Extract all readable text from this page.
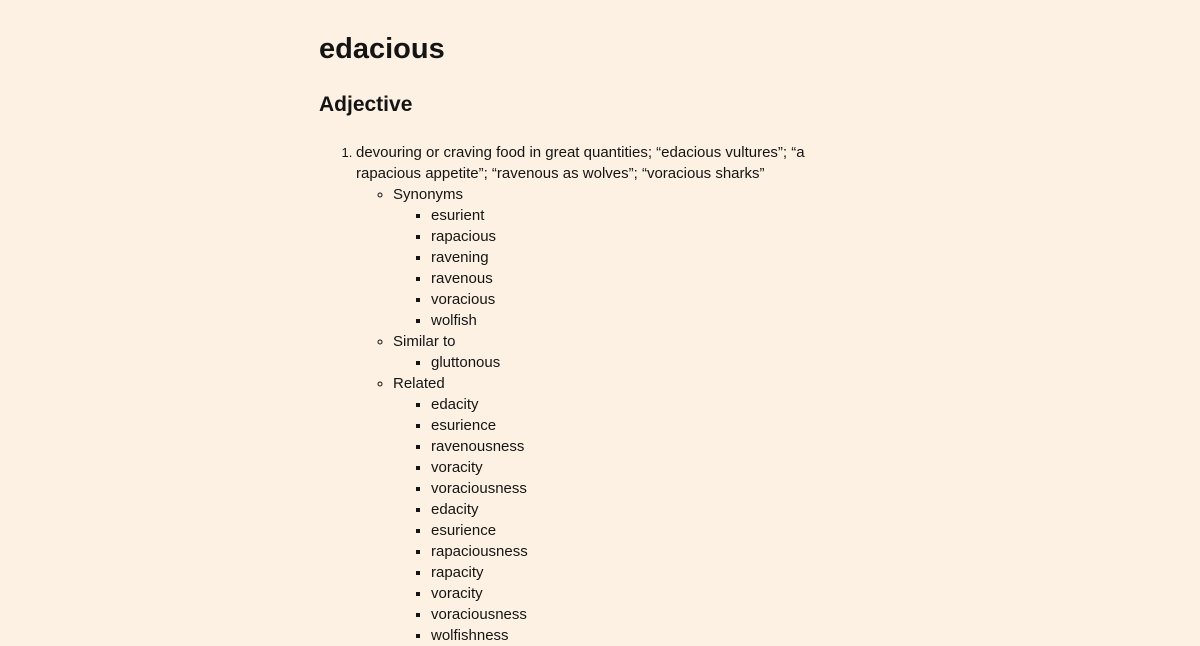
edacious
Adjective
1. devouring or craving food in great quantities; “edacious vultures”; “a rapacious appetite”; “ravenous as wolves”; “voracious sharks”
◦ Synonyms
▪ esurient
▪ rapacious
▪ ravening
▪ ravenous
▪ voracious
▪ wolfish
◦ Similar to
▪ gluttonous
◦ Related
▪ edacity
▪ esurience
▪ ravenousness
▪ voracity
▪ voraciousness
▪ edacity
▪ esurience
▪ rapaciousness
▪ rapacity
▪ voracity
▪ voraciousness
▪ wolfishness
